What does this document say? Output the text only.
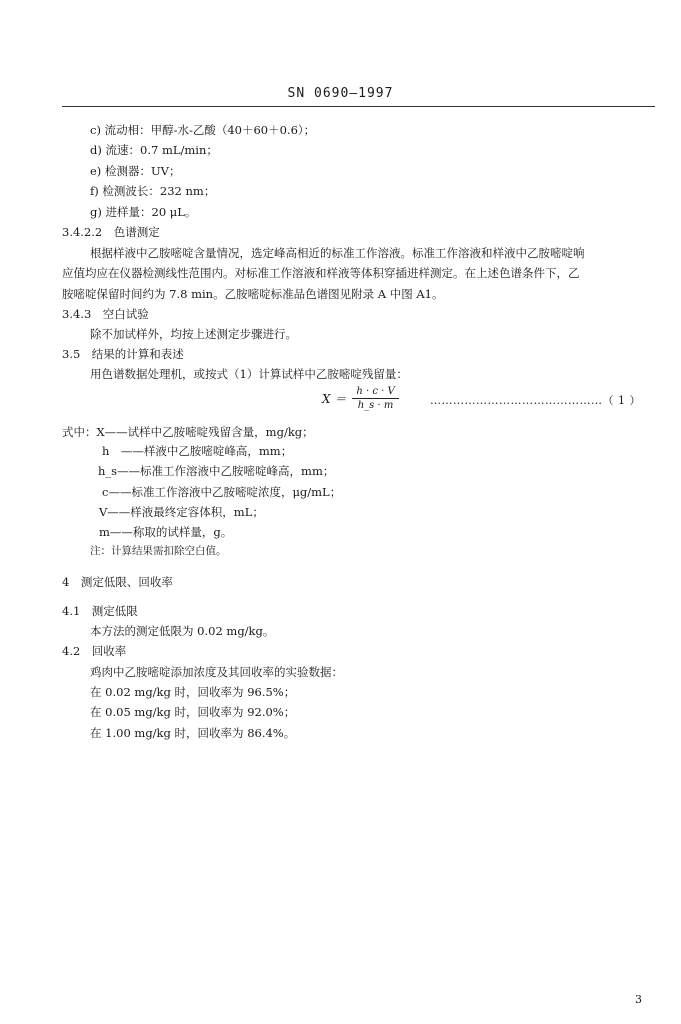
SN 0690—1997
c) 流动相：甲醇-水-乙酸（40＋60＋0.6）；
d) 流速：0.7 mL/min；
e) 检测器：UV；
f) 检测波长：232 nm；
g) 进样量：20 μL。
3.4.2.2　色谱测定
根据样液中乙胺嘧啶含量情况，选定峰高相近的标准工作溶液。标准工作溶液和样液中乙胺嘧啶响
应值均应在仪器检测线性范围内。对标准工作溶液和样液等体积穿插进样测定。在上述色谱条件下，乙
胺嘧啶保留时间约为 7.8 min。乙胺嘧啶标准品色谱图见附录 A 中图 A1。
3.4.3　空白试验
除不加试样外，均按上述测定步骤进行。
3.5　结果的计算和表述
用色谱数据处理机，或按式（1）计算试样中乙胺嘧啶残留量：
$X = \frac{h \cdot c \cdot V}{h\_s \cdot m}$	………………………………………（ 1 ）
式中：X——试样中乙胺嘧啶残留含量，mg/kg；
h　——样液中乙胺嘧啶峰高，mm；
h_s——标准工作溶液中乙胺嘧啶峰高，mm；
c——标准工作溶液中乙胺嘧啶浓度，μg/mL；
V——样液最终定容体积，mL；
m——称取的试样量，g。
注：计算结果需扣除空白值。
4　测定低限、回收率
4.1　测定低限
本方法的测定低限为 0.02 mg/kg。
4.2　回收率
鸡肉中乙胺嘧啶添加浓度及其回收率的实验数据：
在 0.02 mg/kg 时，回收率为 96.5%；
在 0.05 mg/kg 时，回收率为 92.0%；
在 1.00 mg/kg 时，回收率为 86.4%。
3
